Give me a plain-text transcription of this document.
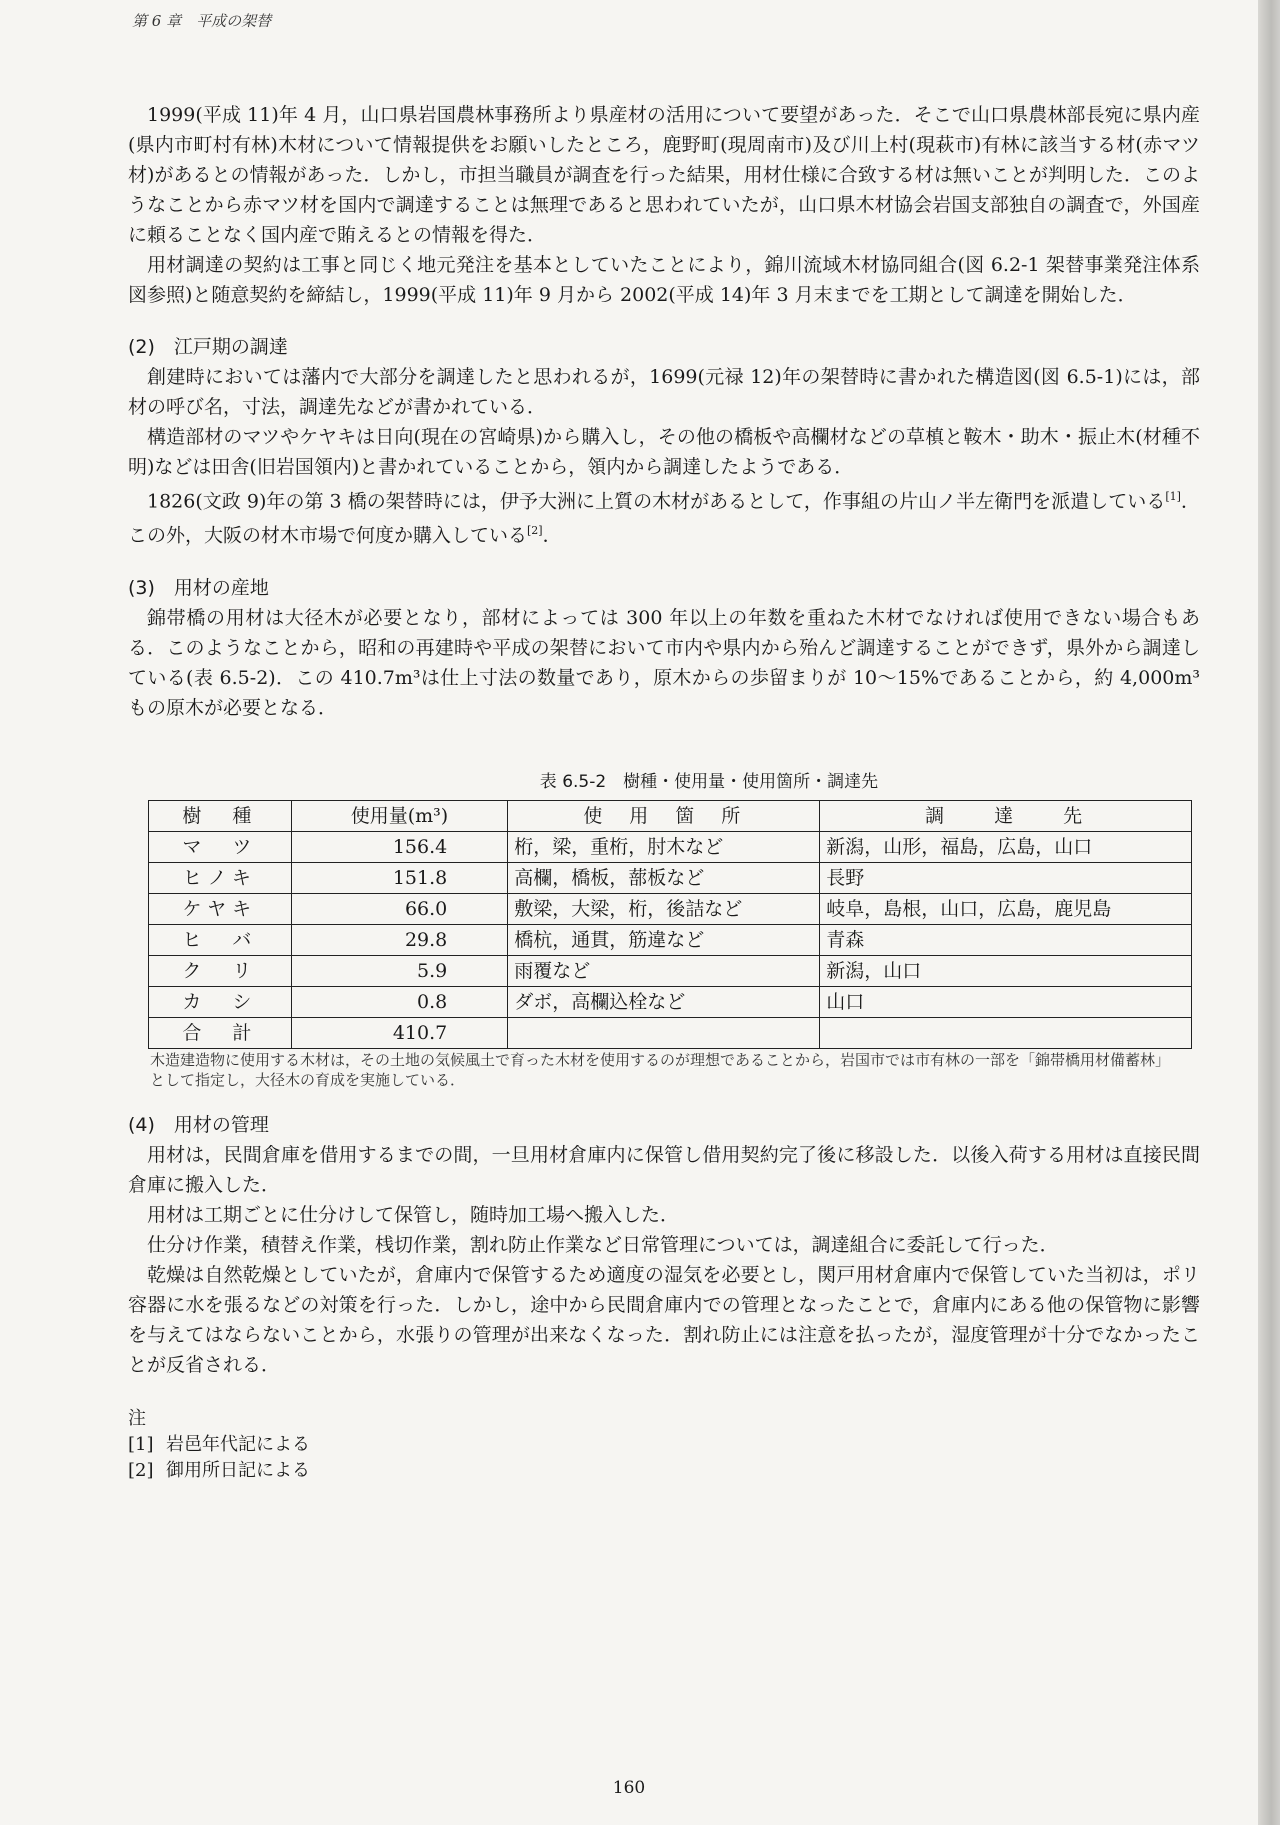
第 6 章　平成の架替

1999(平成 11)年 4 月，山口県岩国農林事務所より県産材の活用について要望があった．そこで山口県農林部長宛に県内産(県内市町村有林)木材について情報提供をお願いしたところ，鹿野町(現周南市)及び川上村(現萩市)有林に該当する材(赤マツ材)があるとの情報があった．しかし，市担当職員が調査を行った結果，用材仕様に合致する材は無いことが判明した．このようなことから赤マツ材を国内で調達することは無理であると思われていたが，山口県木材協会岩国支部独自の調査で，外国産に頼ることなく国内産で賄えるとの情報を得た．

用材調達の契約は工事と同じく地元発注を基本としていたことにより，錦川流域木材協同組合(図 6.2-1 架替事業発注体系図参照)と随意契約を締結し，1999(平成 11)年 9 月から 2002(平成 14)年 3 月末までを工期として調達を開始した．

(2)　江戸期の調達

創建時においては藩内で大部分を調達したと思われるが，1699(元禄 12)年の架替時に書かれた構造図(図 6.5-1)には，部材の呼び名，寸法，調達先などが書かれている．

構造部材のマツやケヤキは日向(現在の宮崎県)から購入し，その他の橋板や高欄材などの草槙と鞍木・助木・振止木(材種不明)などは田舎(旧岩国領内)と書かれていることから，領内から調達したようである．

1826(文政 9)年の第 3 橋の架替時には，伊予大洲に上質の木材があるとして，作事組の片山ノ半左衛門を派遣している[1]．この外，大阪の材木市場で何度か購入している[2]．

(3)　用材の産地

錦帯橋の用材は大径木が必要となり，部材によっては 300 年以上の年数を重ねた木材でなければ使用できない場合もある．このようなことから，昭和の再建時や平成の架替において市内や県内から殆んど調達することができず，県外から調達している(表 6.5-2)．この 410.7m³は仕上寸法の数量であり，原木からの歩留まりが 10～15%であることから，約 4,000m³もの原木が必要となる．

表 6.5-2　樹種・使用量・使用箇所・調達先
樹　種	使用量(m³)	使　用　箇　所	調　　達　　先
マ　ツ	156.4	桁，梁，重桁，肘木など	新潟，山形，福島，広島，山口
ヒノキ	151.8	高欄，橋板，蔀板など	長野
ケヤキ	66.0	敷梁，大梁，桁，後詰など	岐阜，島根，山口，広島，鹿児島
ヒ　バ	29.8	橋杭，通貫，筋違など	青森
ク　リ	5.9	雨覆など	新潟，山口
カ　シ	0.8	ダボ，高欄込栓など	山口
合　計	410.7		
木造建造物に使用する木材は，その土地の気候風土で育った木材を使用するのが理想であることから，岩国市では市有林の一部を「錦帯橋用材備蓄林」として指定し，大径木の育成を実施している．
(4)　用材の管理

用材は，民間倉庫を借用するまでの間，一旦用材倉庫内に保管し借用契約完了後に移設した．以後入荷する用材は直接民間倉庫に搬入した．

用材は工期ごとに仕分けして保管し，随時加工場へ搬入した．

仕分け作業，積替え作業，桟切作業，割れ防止作業など日常管理については，調達組合に委託して行った．

乾燥は自然乾燥としていたが，倉庫内で保管するため適度の湿気を必要とし，関戸用材倉庫内で保管していた当初は，ポリ容器に水を張るなどの対策を行った．しかし，途中から民間倉庫内での管理となったことで，倉庫内にある他の保管物に影響を与えてはならないことから，水張りの管理が出来なくなった．割れ防止には注意を払ったが，湿度管理が十分でなかったことが反省される．

注
[1] 岩邑年代記による
[2] 御用所日記による
160
